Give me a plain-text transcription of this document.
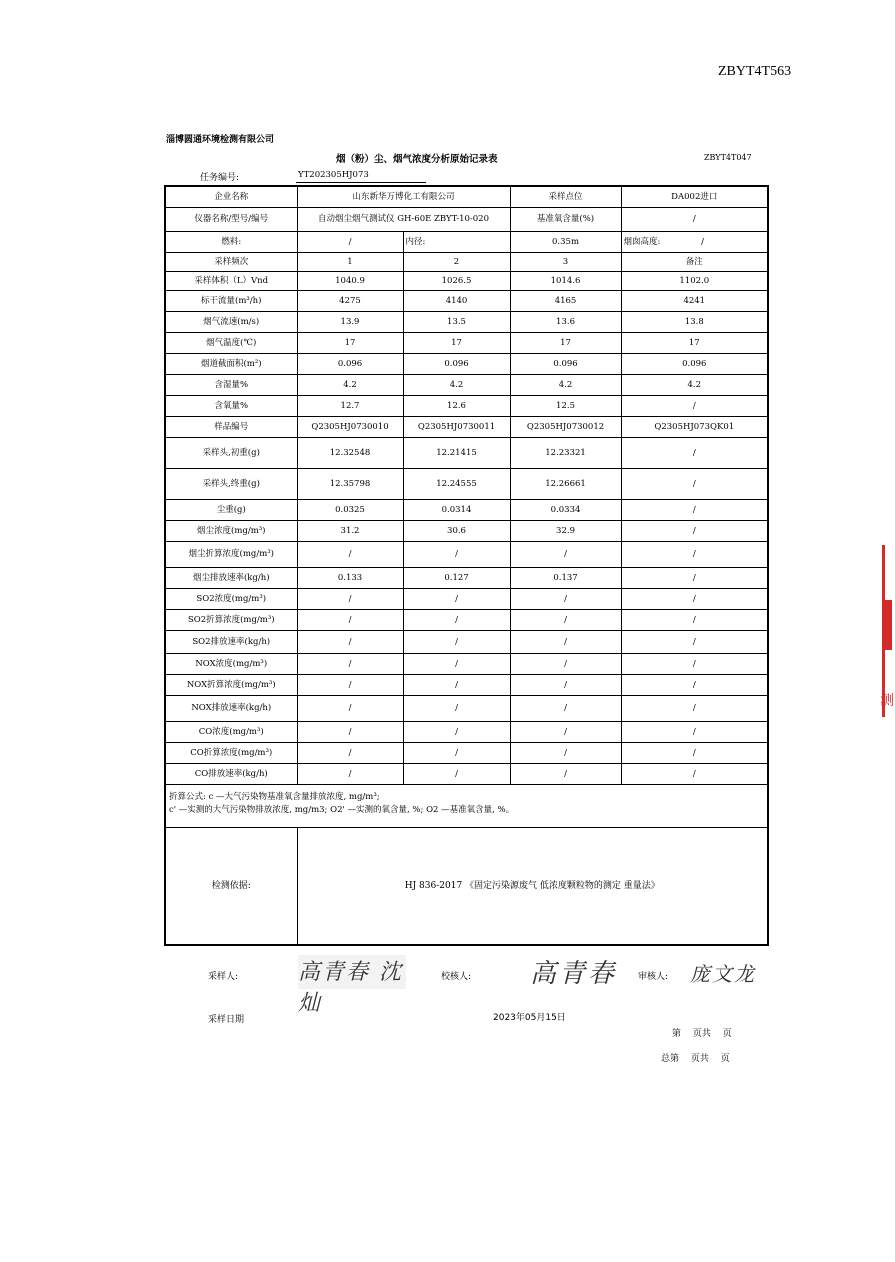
ZBYT4T563
淄博圆通环境检测有限公司
烟（粉）尘、烟气浓度分析原始记录表	ZBYT4T047
任务编号:	YT202305HJ073
企业名称	山东新华万博化工有限公司		采样点位	DA002进口
仪器名称/型号/编号	自动烟尘烟气测试仪 GH-60E ZBYT-10-020		基准氧含量(%)	/
燃料:	/	内径:	0.35m	烟囱高度: /
采样频次	1	2	3	备注
采样体积（L）Vnd	1040.9	1026.5	1014.6	1102.0
标干流量(m³/h)	4275	4140	4165	4241
烟气流速(m/s)	13.9	13.5	13.6	13.8
烟气温度(℃)	17	17	17	17
烟道截面积(m²)	0.096	0.096	0.096	0.096
含湿量%	4.2	4.2	4.2	4.2
含氧量%	12.7	12.6	12.5	/
样品编号	Q2305HJ0730010	Q2305HJ0730011	Q2305HJ0730012	Q2305HJ073QK01
采样头,初重(g)	12.32548	12.21415	12.23321	/
采样头,终重(g)	12.35798	12.24555	12.26661	/
尘重(g)	0.0325	0.0314	0.0334	/
烟尘浓度(mg/m³)	31.2	30.6	32.9	/
烟尘折算浓度(mg/m³)	/	/	/	/
烟尘排放速率(kg/h)	0.133	0.127	0.137	/
SO2浓度(mg/m³)	/	/	/	/
SO2折算浓度(mg/m³)	/	/	/	/
SO2排放速率(kg/h)	/	/	/	/
NOX浓度(mg/m³)	/	/	/	/
NOX折算浓度(mg/m³)	/	/	/	/
NOX排放速率(kg/h)	/	/	/	/
CO浓度(mg/m³)	/	/	/	/
CO折算浓度(mg/m³)	/	/	/	/
CO排放速率(kg/h)	/	/	/	/

折算公式: c —大气污染物基准氧含量排放浓度, mg/m³;
c' —实测的大气污染物排放浓度, mg/m3; O2' —实测的氧含量, %; O2 —基准氧含量, %。				

检测依据:	HJ 836-2017 《固定污染源废气 低浓度颗粒物的测定 重量法》			
采样人:	高青春 沈灿
校核人: 高青春	审核人: 庞文龙
采样日期	2023年05月15日
第 页共 页
总第 页共 页
测
